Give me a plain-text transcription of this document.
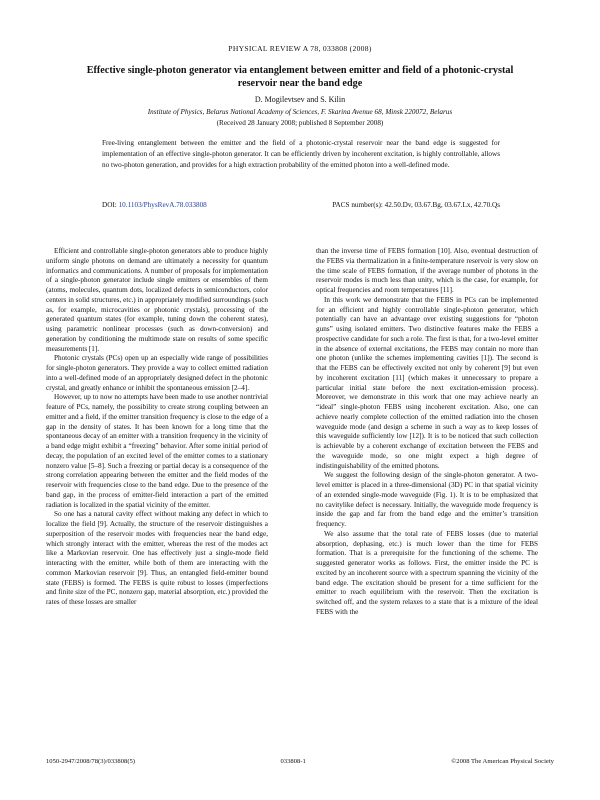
PHYSICAL REVIEW A 78, 033808 (2008)
Effective single-photon generator via entanglement between emitter and field of a photonic-crystal reservoir near the band edge
D. Mogilevtsev and S. Kilin
Institute of Physics, Belarus National Academy of Sciences, F. Skarina Avenue 68, Minsk 220072, Belarus
(Received 28 January 2008; published 8 September 2008)

Free-living entanglement between the emitter and the field of a photonic-crystal reservoir near the band edge is suggested for implementation of an effective single-photon generator. It can be efficiently driven by incoherent excitation, is highly controllable, allows no two-photon generation, and provides for a high extraction probability of the emitted photon into a well-defined mode.

DOI: 10.1103/PhysRevA.78.033808	PACS number(s): 42.50.Dv, 03.67.Bg, 03.67.Lx, 42.70.Qs

Efficient and controllable single-photon generators able to produce highly uniform single photons on demand are ultimately a necessity for quantum informatics and communications. A number of proposals for implementation of a single-photon generator include single emitters or ensembles of them (atoms, molecules, quantum dots, localized defects in semiconductors, color centers in solid structures, etc.) in appropriately modified surroundings (such as, for example, microcavities or photonic crystals), processing of the generated quantum states (for example, tuning down the coherent states), using parametric nonlinear processes (such as down-conversion) and generation by conditioning the multimode state on results of some specific measurements [1].

Photonic crystals (PCs) open up an especially wide range of possibilities for single-photon generators. They provide a way to collect emitted radiation into a well-defined mode of an appropriately designed defect in the photonic crystal, and greatly enhance or inhibit the spontaneous emission [2–4].

However, up to now no attempts have been made to use another nontrivial feature of PCs, namely, the possibility to create strong coupling between an emitter and a field, if the emitter transition frequency is close to the edge of a gap in the density of states. It has been known for a long time that the spontaneous decay of an emitter with a transition frequency in the vicinity of a band edge might exhibit a “freezing” behavior. After some initial period of decay, the population of an excited level of the emitter comes to a stationary nonzero value [5–8]. Such a freezing or partial decay is a consequence of the strong correlation appearing between the emitter and the field modes of the reservoir with frequencies close to the band edge. Due to the presence of the band gap, in the process of emitter-field interaction a part of the emitted radiation is localized in the spatial vicinity of the emitter.

So one has a natural cavity effect without making any defect in which to localize the field [9]. Actually, the structure of the reservoir distinguishes a superposition of the reservoir modes with frequencies near the band edge, which strongly interact with the emitter, whereas the rest of the modes act like a Markovian reservoir. One has effectively just a single-mode field interacting with the emitter, while both of them are interacting with the common Markovian reservoir [9]. Thus, an entangled field-emitter bound state (FEBS) is formed. The FEBS is quite robust to losses (imperfections and finite size of the PC, nonzero gap, material absorption, etc.) provided the rates of these losses are smaller

than the inverse time of FEBS formation [10]. Also, eventual destruction of the FEBS via thermalization in a finite-temperature reservoir is very slow on the time scale of FEBS formation, if the average number of photons in the reservoir modes is much less than unity, which is the case, for example, for optical frequencies and room temperatures [11].

In this work we demonstrate that the FEBS in PCs can be implemented for an efficient and highly controllable single-photon generator, which potentially can have an advantage over existing suggestions for “photon guns” using isolated emitters. Two distinctive features make the FEBS a prospective candidate for such a role. The first is that, for a two-level emitter in the absence of external excitations, the FEBS may contain no more than one photon (unlike the schemes implementing cavities [1]). The second is that the FEBS can be effectively excited not only by coherent [9] but even by incoherent excitation [11] (which makes it unnecessary to prepare a particular initial state before the next excitation-emission process). Moreover, we demonstrate in this work that one may achieve nearly an “ideal” single-photon FEBS using incoherent excitation. Also, one can achieve nearly complete collection of the emitted radiation into the chosen waveguide mode (and design a scheme in such a way as to keep losses of this waveguide sufficiently low [12]). It is to be noticed that such collection is achievable by a coherent exchange of excitation between the FEBS and the waveguide mode, so one might expect a high degree of indistinguishability of the emitted photons.

We suggest the following design of the single-photon generator. A two-level emitter is placed in a three-dimensional (3D) PC in that spatial vicinity of an extended single-mode waveguide (Fig. 1). It is to be emphasized that no cavitylike defect is necessary. Initially, the waveguide mode frequency is inside the gap and far from the band edge and the emitter’s transition frequency.

We also assume that the total rate of FEBS losses (due to material absorption, dephasing, etc.) is much lower than the time for FEBS formation. That is a prerequisite for the functioning of the scheme. The suggested generator works as follows. First, the emitter inside the PC is excited by an incoherent source with a spectrum spanning the vicinity of the band edge. The excitation should be present for a time sufficient for the emitter to reach equilibrium with the reservoir. Then the excitation is switched off, and the system relaxes to a state that is a mixture of the ideal FEBS with the

1050-2947/2008/78(3)/033808(5)	033808-1	©2008 The American Physical Society
